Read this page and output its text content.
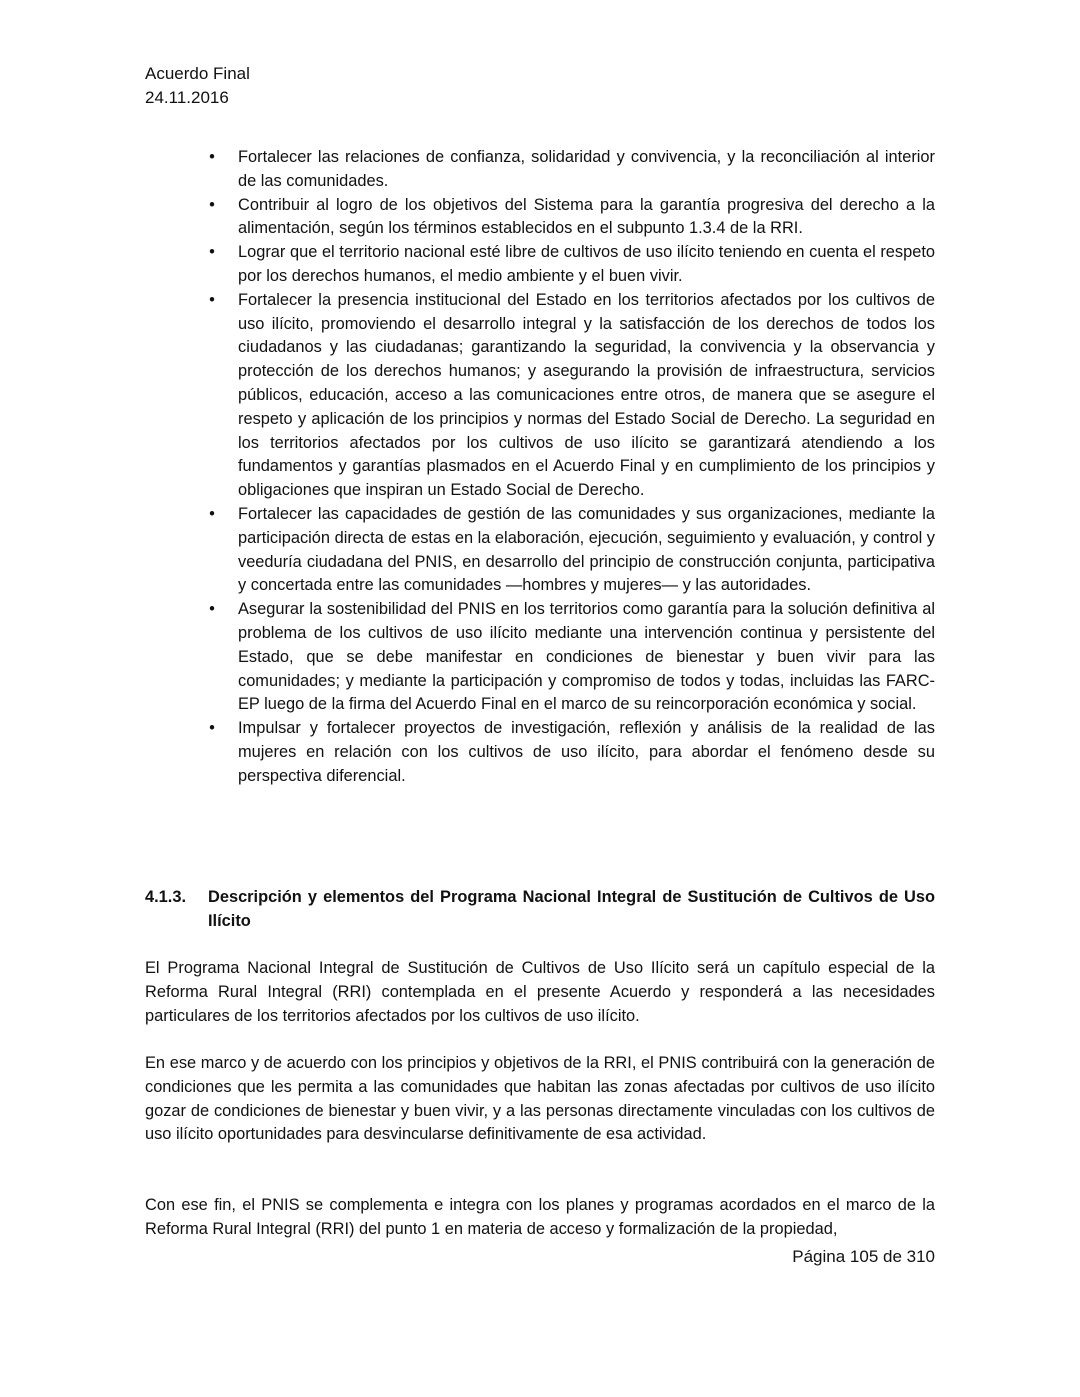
Acuerdo Final
24.11.2016
• Fortalecer las relaciones de confianza, solidaridad y convivencia, y la reconciliación al interior de las comunidades.
• Contribuir al logro de los objetivos del Sistema para la garantía progresiva del derecho a la alimentación, según los términos establecidos en el subpunto 1.3.4 de la RRI.
• Lograr que el territorio nacional esté libre de cultivos de uso ilícito teniendo en cuenta el respeto por los derechos humanos, el medio ambiente y el buen vivir.
• Fortalecer la presencia institucional del Estado en los territorios afectados por los cultivos de uso ilícito, promoviendo el desarrollo integral y la satisfacción de los derechos de todos los ciudadanos y las ciudadanas; garantizando la seguridad, la convivencia y la observancia y protección de los derechos humanos; y asegurando la provisión de infraestructura, servicios públicos, educación, acceso a las comunicaciones entre otros, de manera que se asegure el respeto y aplicación de los principios y normas del Estado Social de Derecho. La seguridad en los territorios afectados por los cultivos de uso ilícito se garantizará atendiendo a los fundamentos y garantías plasmados en el Acuerdo Final y en cumplimiento de los principios y obligaciones que inspiran un Estado Social de Derecho.
• Fortalecer las capacidades de gestión de las comunidades y sus organizaciones, mediante la participación directa de estas en la elaboración, ejecución, seguimiento y evaluación, y control y veeduría ciudadana del PNIS, en desarrollo del principio de construcción conjunta, participativa y concertada entre las comunidades —hombres y mujeres— y las autoridades.
• Asegurar la sostenibilidad del PNIS en los territorios como garantía para la solución definitiva al problema de los cultivos de uso ilícito mediante una intervención continua y persistente del Estado, que se debe manifestar en condiciones de bienestar y buen vivir para las comunidades; y mediante la participación y compromiso de todos y todas, incluidas las FARC-EP luego de la firma del Acuerdo Final en el marco de su reincorporación económica y social.
• Impulsar y fortalecer proyectos de investigación, reflexión y análisis de la realidad de las mujeres en relación con los cultivos de uso ilícito, para abordar el fenómeno desde su perspectiva diferencial.
4.1.3. Descripción y elementos del Programa Nacional Integral de Sustitución de Cultivos de Uso Ilícito

El Programa Nacional Integral de Sustitución de Cultivos de Uso Ilícito será un capítulo especial de la Reforma Rural Integral (RRI) contemplada en el presente Acuerdo y responderá a las necesidades particulares de los territorios afectados por los cultivos de uso ilícito.

En ese marco y de acuerdo con los principios y objetivos de la RRI, el PNIS contribuirá con la generación de condiciones que les permita a las comunidades que habitan las zonas afectadas por cultivos de uso ilícito gozar de condiciones de bienestar y buen vivir, y a las personas directamente vinculadas con los cultivos de uso ilícito oportunidades para desvincularse definitivamente de esa actividad.

Con ese fin, el PNIS se complementa e integra con los planes y programas acordados en el marco de la Reforma Rural Integral (RRI) del punto 1 en materia de acceso y formalización de la propiedad,

Página 105 de 310
